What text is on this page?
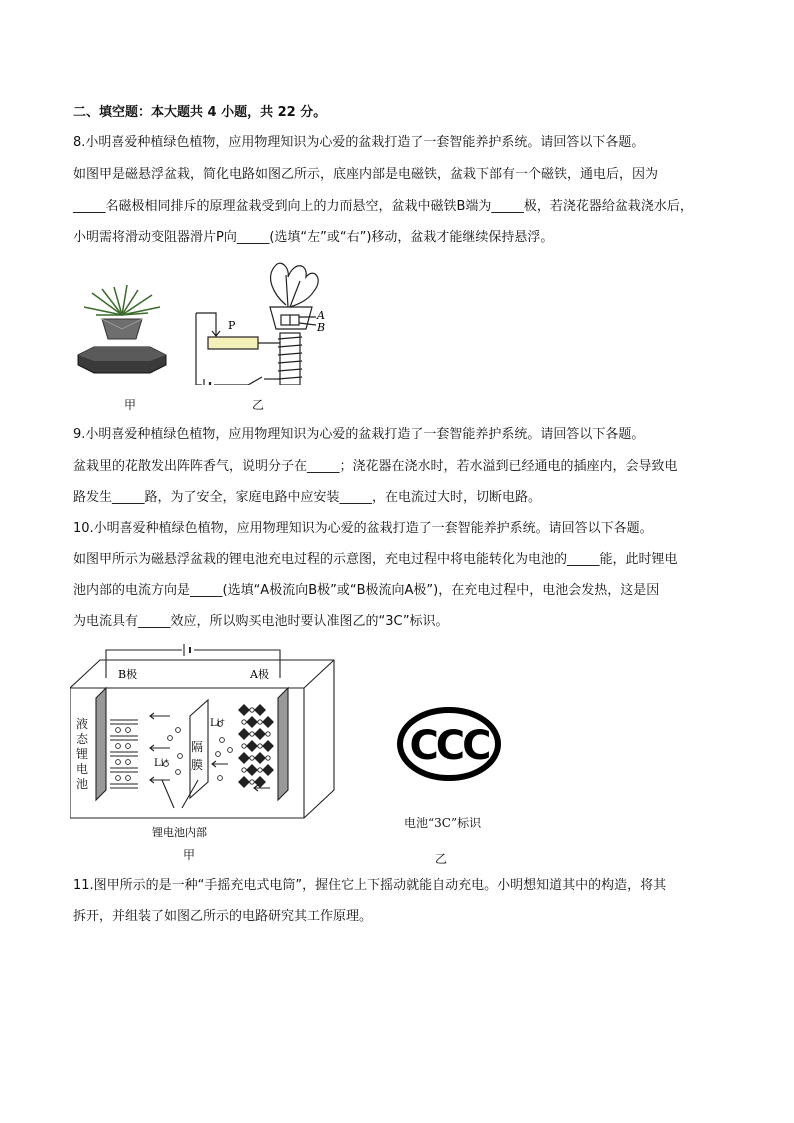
二、填空题：本大题共 4 小题，共 22 分。
8.小明喜爱种植绿色植物，应用物理知识为心爱的盆栽打造了一套智能养护系统。请回答以下各题。
如图甲是磁悬浮盆栽，简化电路如图乙所示，底座内部是电磁铁，盆栽下部有一个磁铁，通电后，因为
_____名磁极相同排斥的原理盆栽受到向上的力而悬空，盆栽中磁铁B端为_____极，若浇花器给盆栽浇水后，
小明需将滑动变阻器滑片P向_____(选填“左”或“右”)移动，盆栽才能继续保持悬浮。
甲
P
A
B
乙
9.小明喜爱种植绿色植物，应用物理知识为心爱的盆栽打造了一套智能养护系统。请回答以下各题。
盆栽里的花散发出阵阵香气，说明分子在_____；浇花器在浇水时，若水溢到已经通电的插座内，会导致电
路发生_____路，为了安全，家庭电路中应安装_____，在电流过大时，切断电路。
10.小明喜爱种植绿色植物，应用物理知识为心爱的盆栽打造了一套智能养护系统。请回答以下各题。
如图甲所示为磁悬浮盆栽的锂电池充电过程的示意图，充电过程中将电能转化为电池的_____能，此时锂电
池内部的电流方向是_____(选填“A极流向B极”或“B极流向A极”)，在充电过程中，电池会发热，这是因
为电流具有_____效应，所以购买电池时要认准图乙的“3C”标识。
B极	A极
Li⁺
Li⁺
锂电池内部
液态锂电池
隔膜
甲
CCC
电池“3C”标识
乙
11.图甲所示的是一种“手摇充电式电筒”，握住它上下摇动就能自动充电。小明想知道其中的构造，将其
拆开，并组装了如图乙所示的电路研究其工作原理。
